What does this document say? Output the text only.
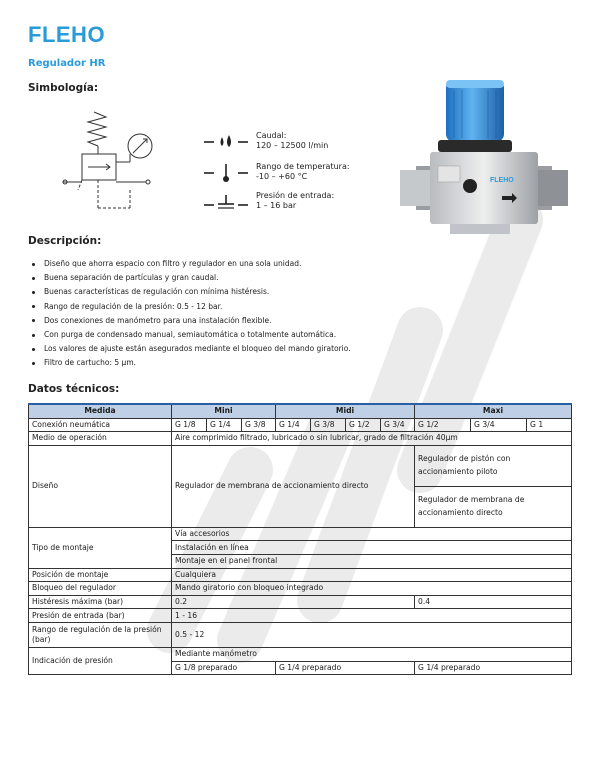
FLEHO
Regulador HR
Simbología:
Caudal:
120 – 12500 l/min
Rango de temperatura:
-10 – +60 °C
Presión de entrada:
1 – 16 bar
FLEHO
Descripción:
Diseño que ahorra espacio con filtro y regulador en una sola unidad.
Buena separación de partículas y gran caudal.
Buenas características de regulación con mínima histéresis.
Rango de regulación de la presión: 0.5 - 12 bar.
Dos conexiones de manómetro para una instalación flexible.
Con purga de condensado manual, semiautomática o totalmente automática.
Los valores de ajuste están asegurados mediante el bloqueo del mando giratorio.
Filtro de cartucho: 5 μm.
Datos técnicos:
Medida	Mini			Midi				Maxi		
Conexión neumática	G 1/8	G 1/4	G 3/8	G 1/4	G 3/8	G 1/2	G 3/4	G 1/2	G 3/4	G 1
Medio de operación	Aire comprimido filtrado, lubricado o sin lubricar, grado de filtración 40µm									
Diseño	Regulador de membrana de accionamiento directo							Regulador de pistón con accionamiento piloto		
								Regulador de membrana de accionamiento directo		
Tipo de montaje	Vía accesorios									
	Instalación en línea									
	Montaje en el panel frontal									
Posición de montaje	Cualquiera									
Bloqueo del regulador	Mando giratorio con bloqueo integrado									
Histéresis máxima (bar)	0.2							0.4		
Presión de entrada (bar)	1 - 16									
Rango de regulación de la presión (bar)	0.5 - 12									
Indicación de presión	Mediante manómetro									
	G 1/8 preparado			G 1/4 preparado				G 1/4 preparado		
